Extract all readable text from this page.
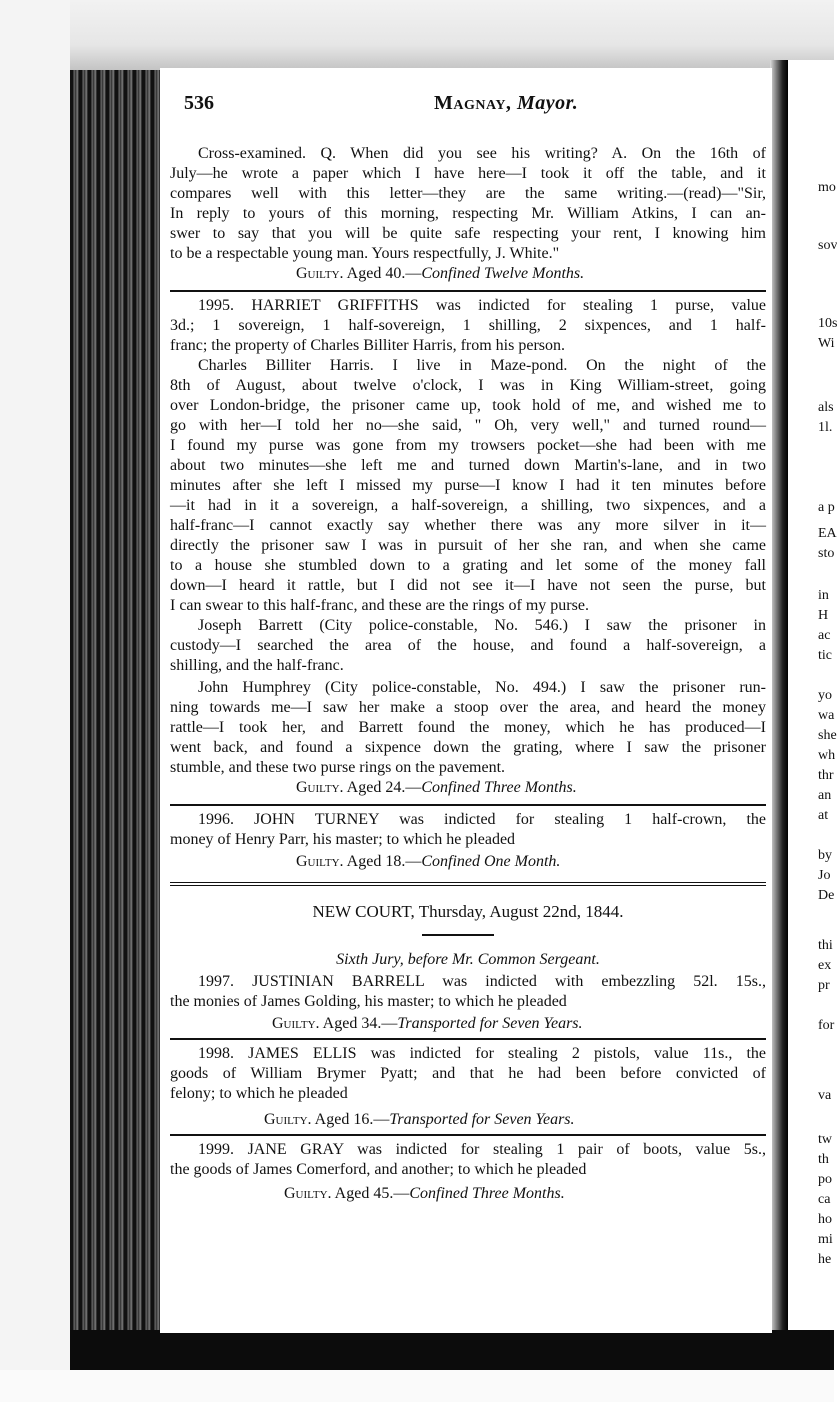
mo
sov
10s
Wi
als
1l.
a p
EA
sto
in
H
ac
tic
yo
wa
she
wh
thr
an
at
by
Jo
De
thi
ex
pr
for
va
tw
th
po
ca
ho
mi
he
536	Magnay, Mayor.
Cross-examined. Q. When did you see his writing? A. On the 16th of
July—he wrote a paper which I have here—I took it off the table, and it
compares well with this letter—they are the same writing.—(read)—"Sir,
In reply to yours of this morning, respecting Mr. William Atkins, I can an-
swer to say that you will be quite safe respecting your rent, I knowing him
to be a respectable young man. Yours respectfully, J. White."
Guilty. Aged 40.—Confined Twelve Months.
1995. HARRIET GRIFFITHS was indicted for stealing 1 purse, value
3d.; 1 sovereign, 1 half-sovereign, 1 shilling, 2 sixpences, and 1 half-
franc; the property of Charles Billiter Harris, from his person.
Charles Billiter Harris. I live in Maze-pond. On the night of the
8th of August, about twelve o'clock, I was in King William-street, going
over London-bridge, the prisoner came up, took hold of me, and wished me to
go with her—I told her no—she said, " Oh, very well," and turned round—
I found my purse was gone from my trowsers pocket—she had been with me
about two minutes—she left me and turned down Martin's-lane, and in two
minutes after she left I missed my purse—I know I had it ten minutes before
—it had in it a sovereign, a half-sovereign, a shilling, two sixpences, and a
half-franc—I cannot exactly say whether there was any more silver in it—
directly the prisoner saw I was in pursuit of her she ran, and when she came
to a house she stumbled down to a grating and let some of the money fall
down—I heard it rattle, but I did not see it—I have not seen the purse, but
I can swear to this half-franc, and these are the rings of my purse.
Joseph Barrett (City police-constable, No. 546.) I saw the prisoner in
custody—I searched the area of the house, and found a half-sovereign, a
shilling, and the half-franc.
John Humphrey (City police-constable, No. 494.) I saw the prisoner run-
ning towards me—I saw her make a stoop over the area, and heard the money
rattle—I took her, and Barrett found the money, which he has produced—I
went back, and found a sixpence down the grating, where I saw the prisoner
stumble, and these two purse rings on the pavement.
Guilty. Aged 24.—Confined Three Months.
1996. JOHN TURNEY was indicted for stealing 1 half-crown, the
money of Henry Parr, his master; to which he pleaded
Guilty. Aged 18.—Confined One Month.
NEW COURT, Thursday, August 22nd, 1844.
Sixth Jury, before Mr. Common Sergeant.
1997. JUSTINIAN BARRELL was indicted with embezzling 52l. 15s.,
the monies of James Golding, his master; to which he pleaded
Guilty. Aged 34.—Transported for Seven Years.
1998. JAMES ELLIS was indicted for stealing 2 pistols, value 11s., the
goods of William Brymer Pyatt; and that he had been before convicted of
felony; to which he pleaded
Guilty. Aged 16.—Transported for Seven Years.
1999. JANE GRAY was indicted for stealing 1 pair of boots, value 5s.,
the goods of James Comerford, and another; to which he pleaded
Guilty. Aged 45.—Confined Three Months.
